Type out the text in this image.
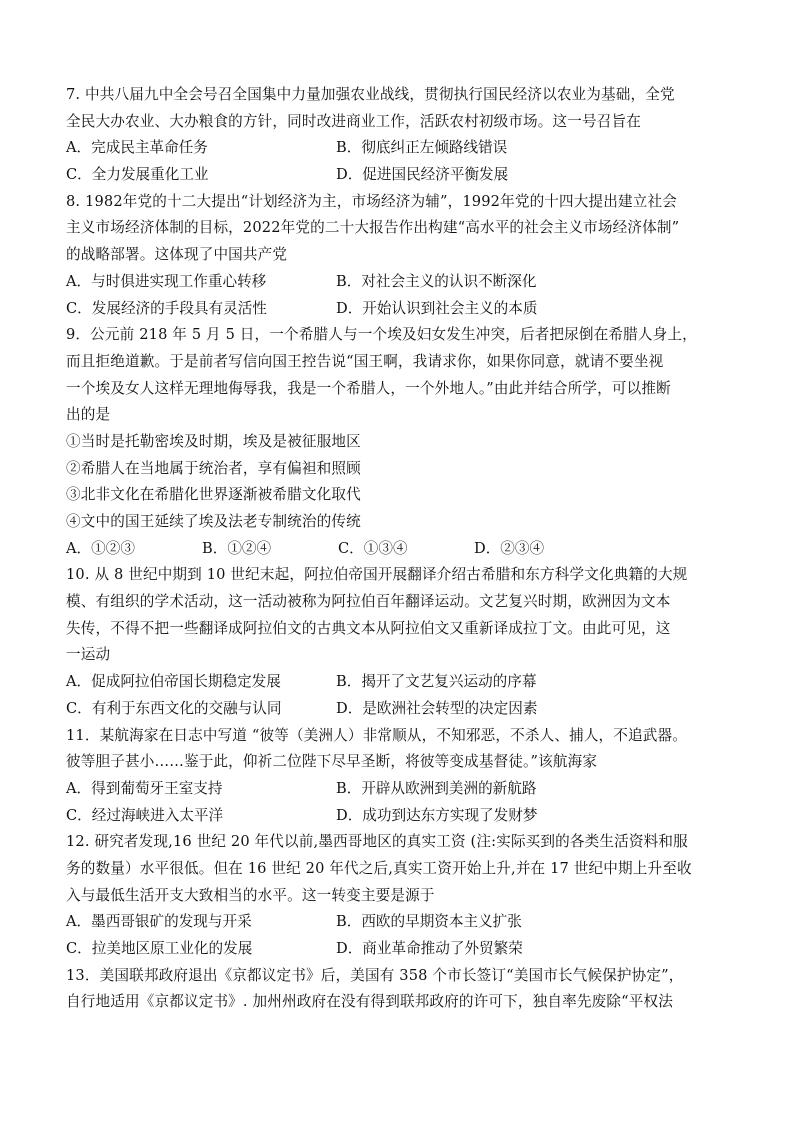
7. 中共八届九中全会号召全国集中力量加强农业战线，贯彻执行国民经济以农业为基础，全党
全民大办农业、大办粮食的方针，同时改进商业工作，活跃农村初级市场。这一号召旨在
A．完成民主革命任务	B．彻底纠正左倾路线错误
C．全力发展重化工业	D．促进国民经济平衡发展
8. 1982年党的十二大提出“计划经济为主，市场经济为辅”，1992年党的十四大提出建立社会
主义市场经济体制的目标，2022年党的二十大报告作出构建“高水平的社会主义市场经济体制”
的战略部署。这体现了中国共产党
A．与时俱进实现工作重心转移	B．对社会主义的认识不断深化
C．发展经济的手段具有灵活性	D．开始认识到社会主义的本质
9．公元前 218 年 5 月 5 日，一个希腊人与一个埃及妇女发生冲突，后者把尿倒在希腊人身上，
而且拒绝道歉。于是前者写信向国王控告说“国王啊，我请求你，如果你同意，就请不要坐视
一个埃及女人这样无理地侮辱我，我是一个希腊人，一个外地人。”由此并结合所学，可以推断
出的是
①当时是托勒密埃及时期，埃及是被征服地区
②希腊人在当地属于统治者，享有偏袒和照顾
③北非文化在希腊化世界逐渐被希腊文化取代
④文中的国王延续了埃及法老专制统治的传统
A．①②③	B．①②④	C．①③④	D．②③④
10. 从 8 世纪中期到 10 世纪末起，阿拉伯帝国开展翻译介绍古希腊和东方科学文化典籍的大规
模、有组织的学术活动，这一活动被称为阿拉伯百年翻译运动。文艺复兴时期，欧洲因为文本
失传，不得不把一些翻译成阿拉伯文的古典文本从阿拉伯文又重新译成拉丁文。由此可见，这
一运动
A．促成阿拉伯帝国长期稳定发展	B．揭开了文艺复兴运动的序幕
C．有利于东西文化的交融与认同	D．是欧洲社会转型的决定因素
11．某航海家在日志中写道 “彼等（美洲人）非常顺从，不知邪恶，不杀人、捕人，不追武器。
彼等胆子甚小……鉴于此，仰祈二位陛下尽早圣断，将彼等变成基督徒。”该航海家
A．得到葡萄牙王室支持	B．开辟从欧洲到美洲的新航路
C．经过海峡进入太平洋	D．成功到达东方实现了发财梦
12. 研究者发现,16 世纪 20 年代以前,墨西哥地区的真实工资 (注:实际买到的各类生活资料和服
务的数量）水平很低。但在 16 世纪 20 年代之后,真实工资开始上升,并在 17 世纪中期上升至收
入与最低生活开支大致相当的水平。这一转变主要是源于
A．墨西哥银矿的发现与开采	B．西欧的早期资本主义扩张
C．拉美地区原工业化的发展	D．商业革命推动了外贸繁荣
13．美国联邦政府退出《京都议定书》后，美国有 358 个市长签订“美国市长气候保护协定”，
自行地适用《京都议定书》. 加州州政府在没有得到联邦政府的许可下，独自率先废除“平权法
